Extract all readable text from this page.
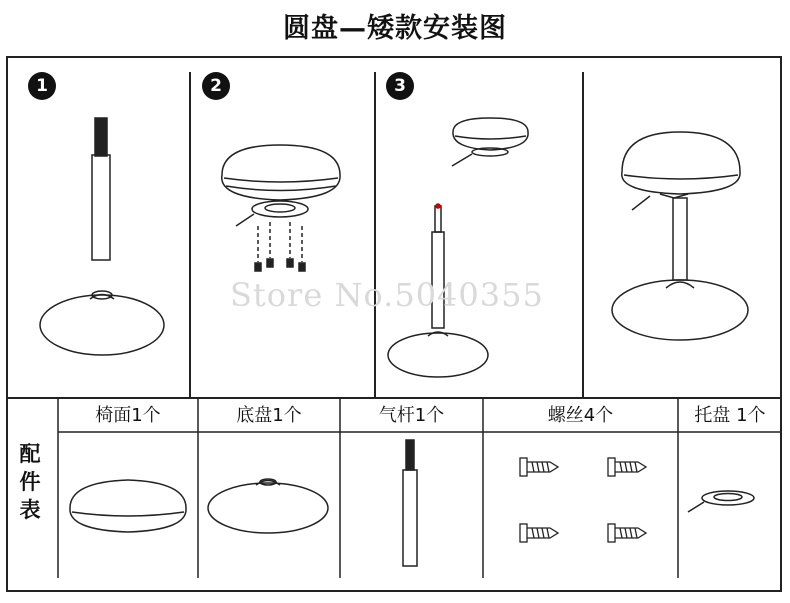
圆盘—矮款安装图
1	2	3
Store No.5040355
椅面1个	底盘1个	气杆1个	螺丝4个	托盘 1个
配件表
